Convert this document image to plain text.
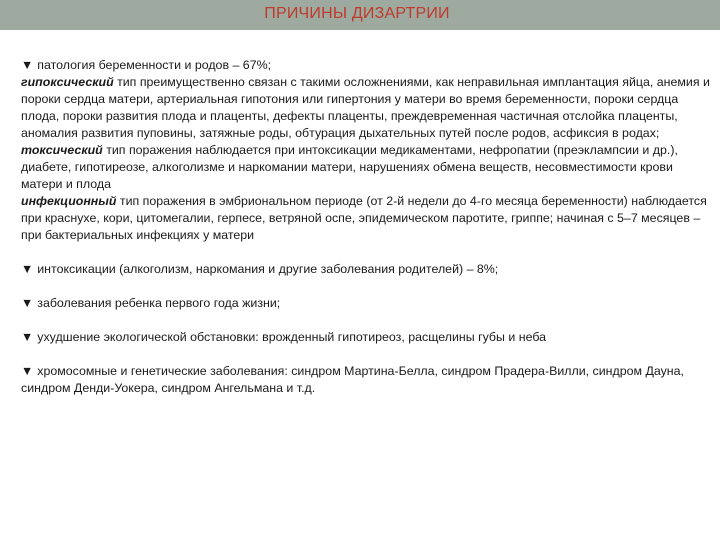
ПРИЧИНЫ ДИЗАРТРИИ

▼ патология беременности и родов – 67%;

гипоксический тип преимущественно связан с такими осложнениями, как неправильная имплантация яйца, анемия и пороки сердца матери, артериальная гипотония или гипертония у матери во время беременности, пороки сердца плода, пороки развития плода и плаценты, дефекты плаценты, преждевременная частичная отслойка плаценты, аномалия развития пуповины, затяжные роды, обтурация дыхательных путей после родов, асфиксия в родах;

токсический тип поражения наблюдается при интоксикации медикаментами, нефропатии (преэклампсии и др.), диабете, гипотиреозе, алкоголизме и наркомании матери, нарушениях обмена веществ, несовместимости крови матери и плода

инфекционный тип поражения в эмбриональном периоде (от 2-й недели до 4-го месяца беременности) наблюдается при краснухе, кори, цитомегалии, герпесе, ветряной оспе, эпидемическом паротите, гриппе; начиная с 5–7 месяцев – при бактериальных инфекциях у матери

▼ интоксикации (алкоголизм, наркомания и другие заболевания родителей) – 8%;

▼ заболевания ребенка первого года жизни;

▼ ухудшение экологической обстановки: врожденный гипотиреоз, расщелины губы и неба

▼ хромосомные и генетические заболевания: синдром Мартина-Белла, синдром Прадера-Вилли, синдром Дауна, синдром Денди-Уокера, синдром Ангельмана и т.д.
